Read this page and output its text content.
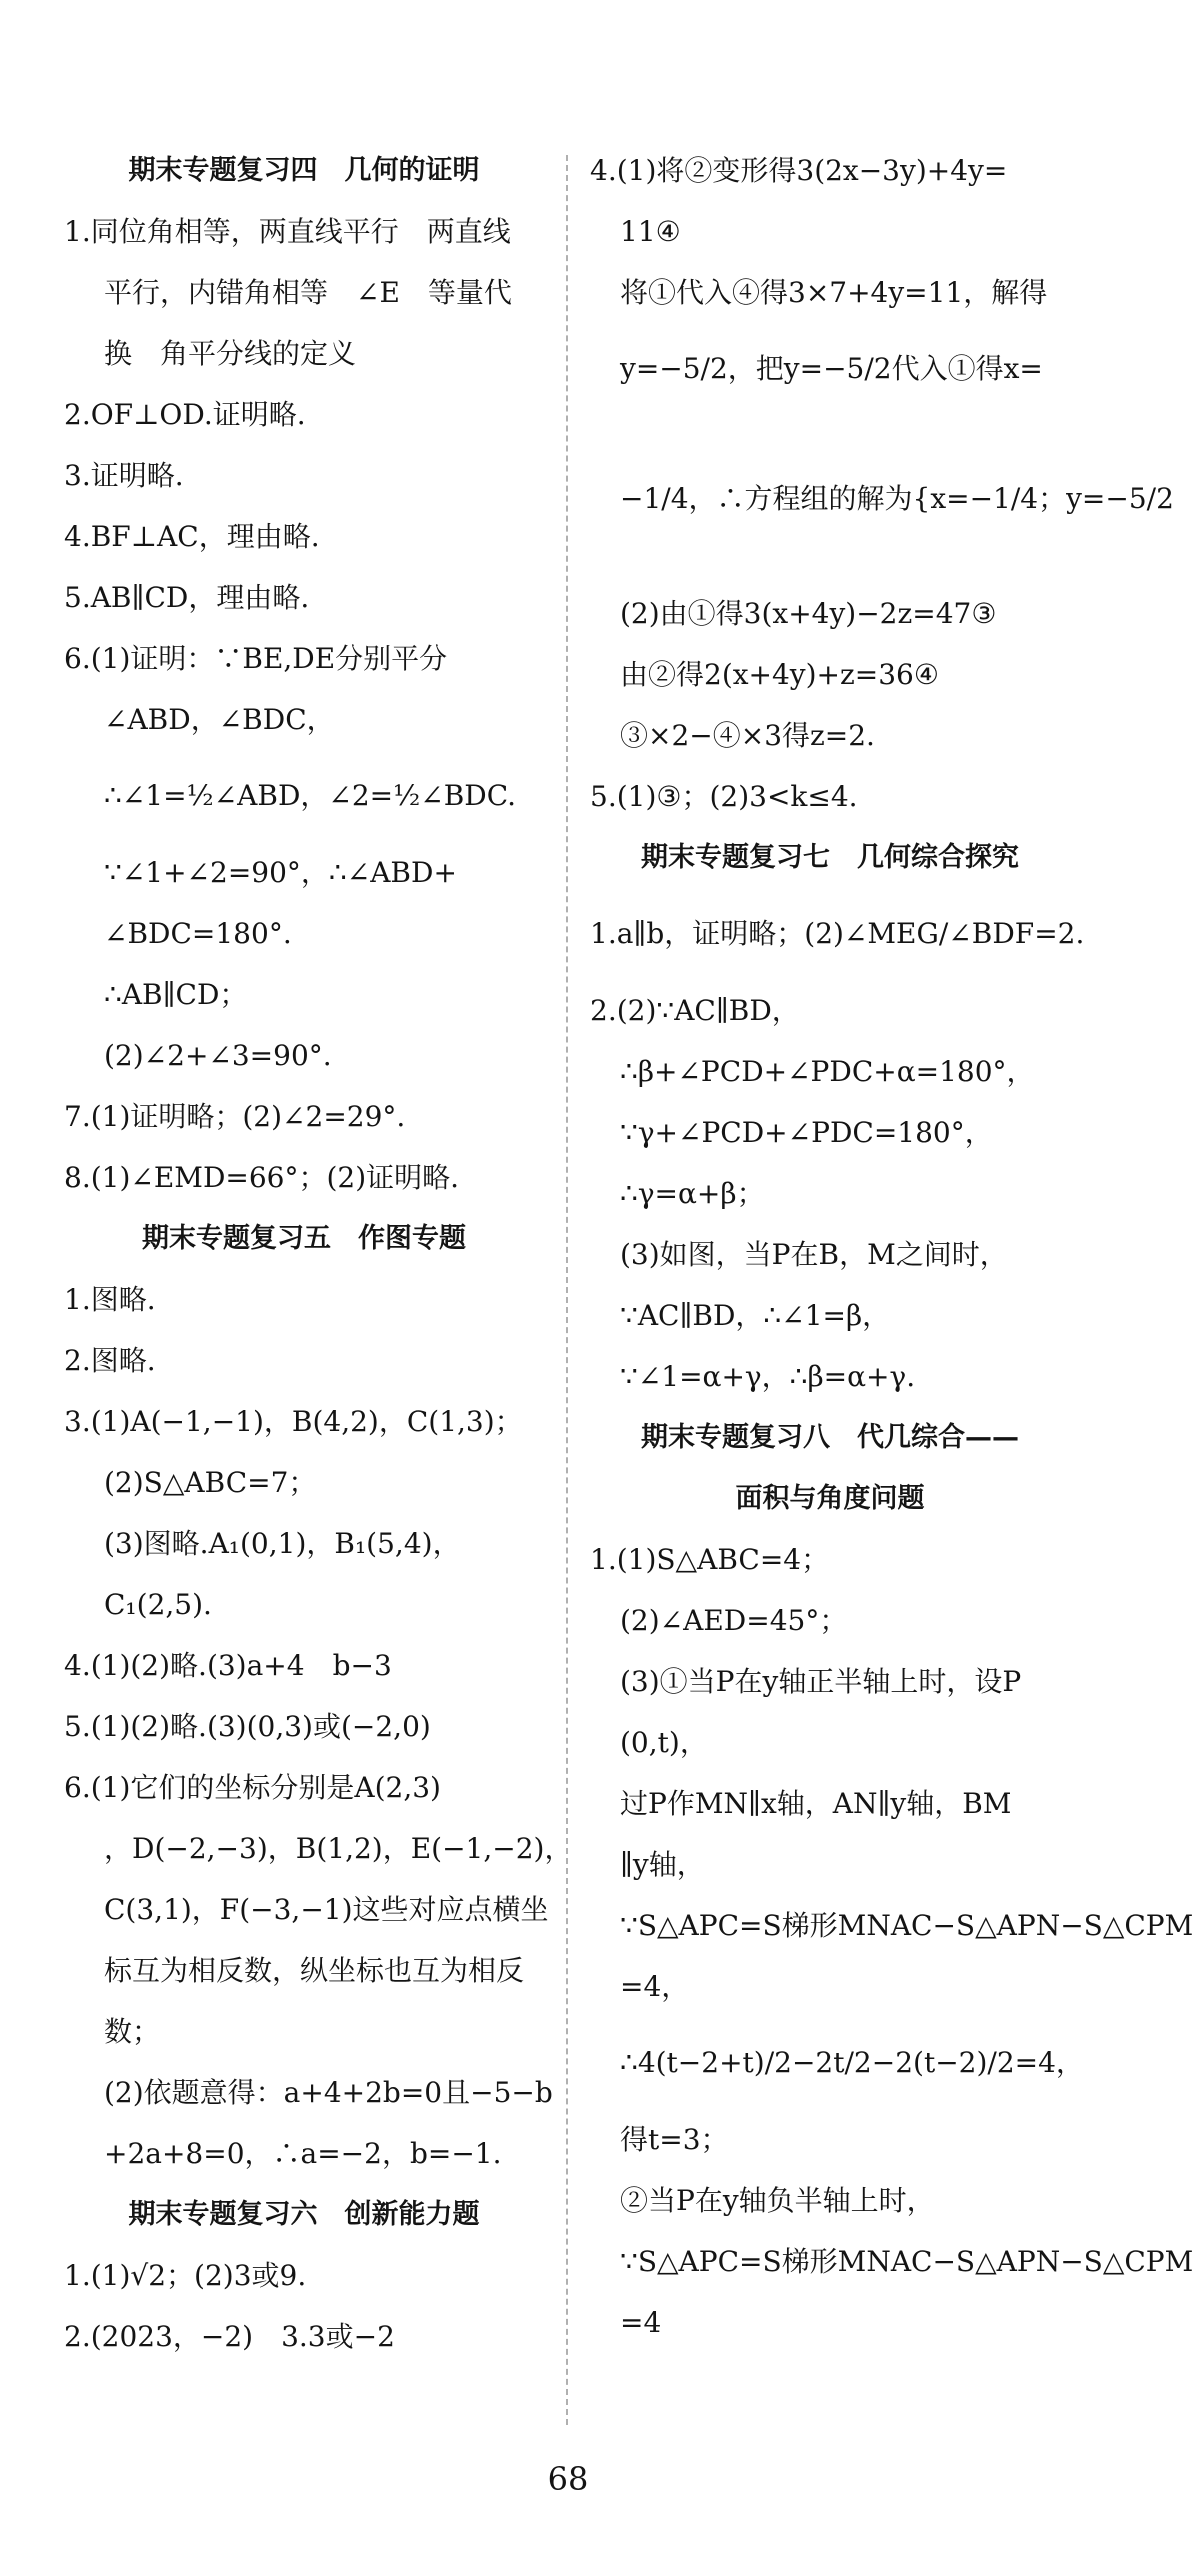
期末专题复习四　几何的证明
1.同位角相等，两直线平行　两直线
平行，内错角相等　∠E　等量代
换　角平分线的定义
2.OF⊥OD.证明略.
3.证明略.
4.BF⊥AC，理由略.
5.AB∥CD，理由略.
6.(1)证明：∵BE,DE分别平分
∠ABD，∠BDC，
∴∠1=½∠ABD，∠2=½∠BDC.
∵∠1+∠2=90°，∴∠ABD+
∠BDC=180°.
∴AB∥CD；
(2)∠2+∠3=90°.
7.(1)证明略；(2)∠2=29°.
8.(1)∠EMD=66°；(2)证明略.
期末专题复习五　作图专题
1.图略.
2.图略.
3.(1)A(−1,−1)，B(4,2)，C(1,3)；
(2)S△ABC=7；
(3)图略.A₁(0,1)，B₁(5,4)，
C₁(2,5).
4.(1)(2)略.(3)a+4　b−3
5.(1)(2)略.(3)(0,3)或(−2,0)
6.(1)它们的坐标分别是A(2,3)
，D(−2,−3)，B(1,2)，E(−1,−2)，
C(3,1)，F(−3,−1)这些对应点横坐
标互为相反数，纵坐标也互为相反
数；
(2)依题意得：a+4+2b=0且−5−b
+2a+8=0，∴a=−2，b=−1.
期末专题复习六　创新能力题
1.(1)√2；(2)3或9.
2.(2023，−2)　3.3或−2
4.(1)将②变形得3(2x−3y)+4y=
11④
将①代入④得3×7+4y=11，解得
y=−5/2，把y=−5/2代入①得x=
−1/4，∴方程组的解为{x=−1/4；y=−5/2
(2)由①得3(x+4y)−2z=47③
由②得2(x+4y)+z=36④
③×2−④×3得z=2.
5.(1)③；(2)3<k≤4.
期末专题复习七　几何综合探究
1.a∥b，证明略；(2)∠MEG/∠BDF=2.
2.(2)∵AC∥BD，
∴β+∠PCD+∠PDC+α=180°，
∵γ+∠PCD+∠PDC=180°，
∴γ=α+β；
(3)如图，当P在B，M之间时，
∵AC∥BD，∴∠1=β，
∵∠1=α+γ，∴β=α+γ.
期末专题复习八　代几综合——
面积与角度问题
1.(1)S△ABC=4；
(2)∠AED=45°；
(3)①当P在y轴正半轴上时，设P
(0,t)，
过P作MN∥x轴，AN∥y轴，BM
∥y轴，
∵S△APC=S梯形MNAC−S△APN−S△CPM
=4，
∴4(t−2+t)/2−2t/2−2(t−2)/2=4，
得t=3；
②当P在y轴负半轴上时，
∵S△APC=S梯形MNAC−S△APN−S△CPM
=4
68
